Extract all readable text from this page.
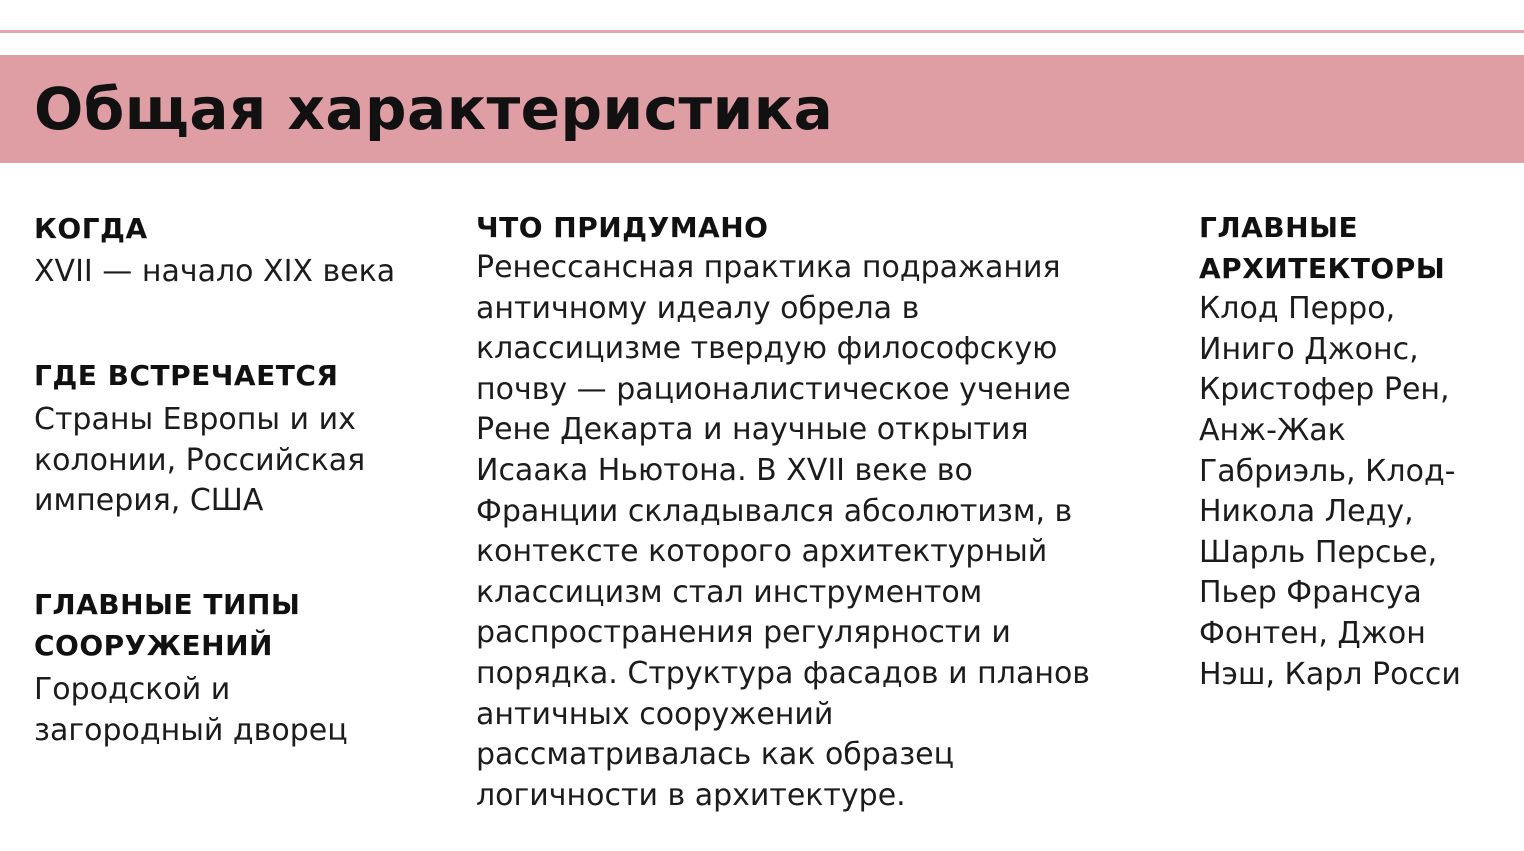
Общая характеристика

КОГДА

XVII — начало XIX века

ГДЕ ВСТРЕЧАЕТСЯ

Страны Европы и их
колонии, Российская
империя, США

ГЛАВНЫЕ ТИПЫ
СООРУЖЕНИЙ

Городской и
загородный дворец

ЧТО ПРИДУМАНО

Ренессансная практика подражания
античному идеалу обрела в
классицизме твердую философскую
почву — рационалистическое учение
Рене Декарта и научные открытия
Исаака Ньютона. В XVII веке во
Франции складывался абсолютизм, в
контексте которого архитектурный
классицизм стал инструментом
распространения регулярности и
порядка. Структура фасадов и планов
античных сооружений
рассматривалась как образец
логичности в архитектуре.

ГЛАВНЫЕ
АРХИТЕКТОРЫ

Клод Перро,
Иниго Джонс,
Кристофер Рен,
Анж-Жак
Габриэль, Клод-
Никола Леду,
Шарль Персье,
Пьер Франсуа
Фонтен, Джон
Нэш, Карл Росси
